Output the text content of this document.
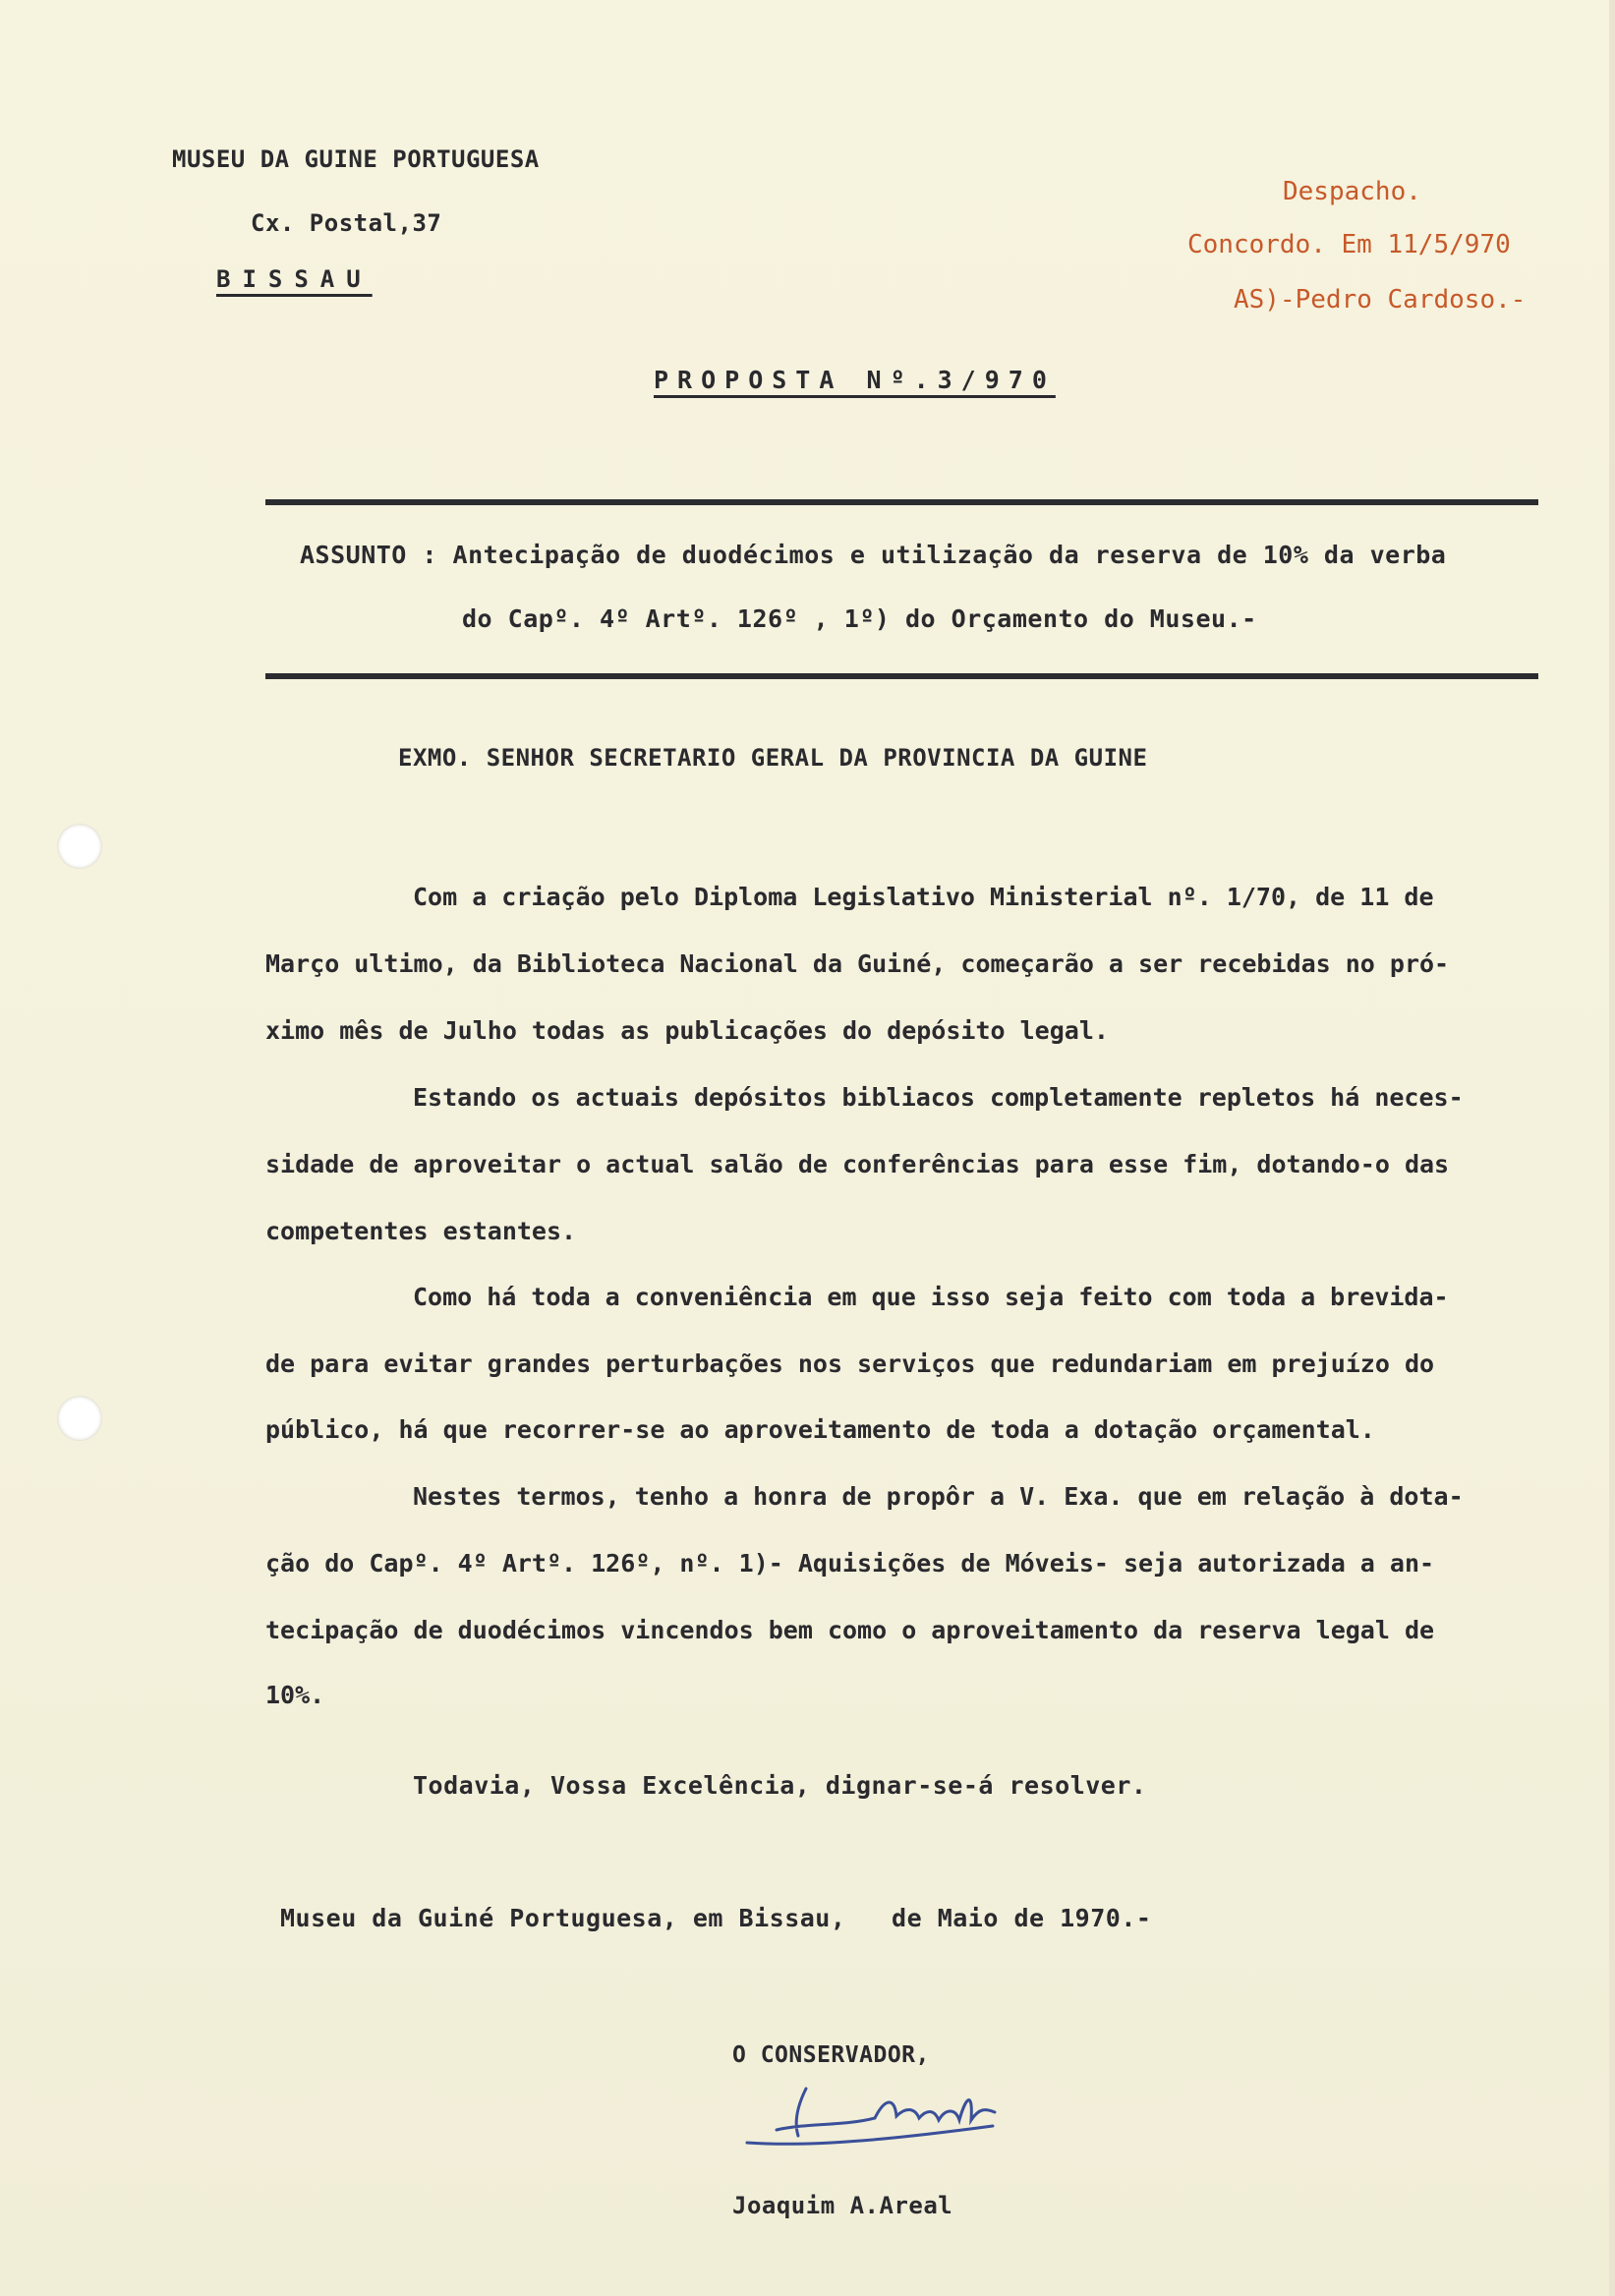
MUSEU DA GUINE PORTUGUESA
Cx. Postal,37
BISSAU
Despacho.
Concordo. Em 11/5/970
AS)-Pedro Cardoso.-
PROPOSTA Nº.3/970
ASSUNTO : Antecipação de duodécimos e utilização da reserva de 10% da verba
do Capº. 4º Artº. 126º , 1º) do Orçamento do Museu.-
EXMO. SENHOR SECRETARIO GERAL DA PROVINCIA DA GUINE
Com a criação pelo Diploma Legislativo Ministerial nº. 1/70, de 11 de
Março ultimo, da Biblioteca Nacional da Guiné, começarão a ser recebidas no pró-
ximo mês de Julho todas as publicações do depósito legal.
Estando os actuais depósitos bibliacos completamente repletos há neces-
sidade de aproveitar o actual salão de conferências para esse fim, dotando-o das
competentes estantes.
Como há toda a conveniência em que isso seja feito com toda a brevida-
de para evitar grandes perturbações nos serviços que redundariam em prejuízo do
público, há que recorrer-se ao aproveitamento de toda a dotação orçamental.
Nestes termos, tenho a honra de propôr a V. Exa. que em relação à dota-
ção do Capº. 4º Artº. 126º, nº. 1)- Aquisições de Móveis- seja autorizada a an-
tecipação de duodécimos vincendos bem como o aproveitamento da reserva legal de
10%.
Todavia, Vossa Excelência, dignar-se-á resolver.
Museu da Guiné Portuguesa, em Bissau,   de Maio de 1970.-
O CONSERVADOR,
Joaquim A.Areal
